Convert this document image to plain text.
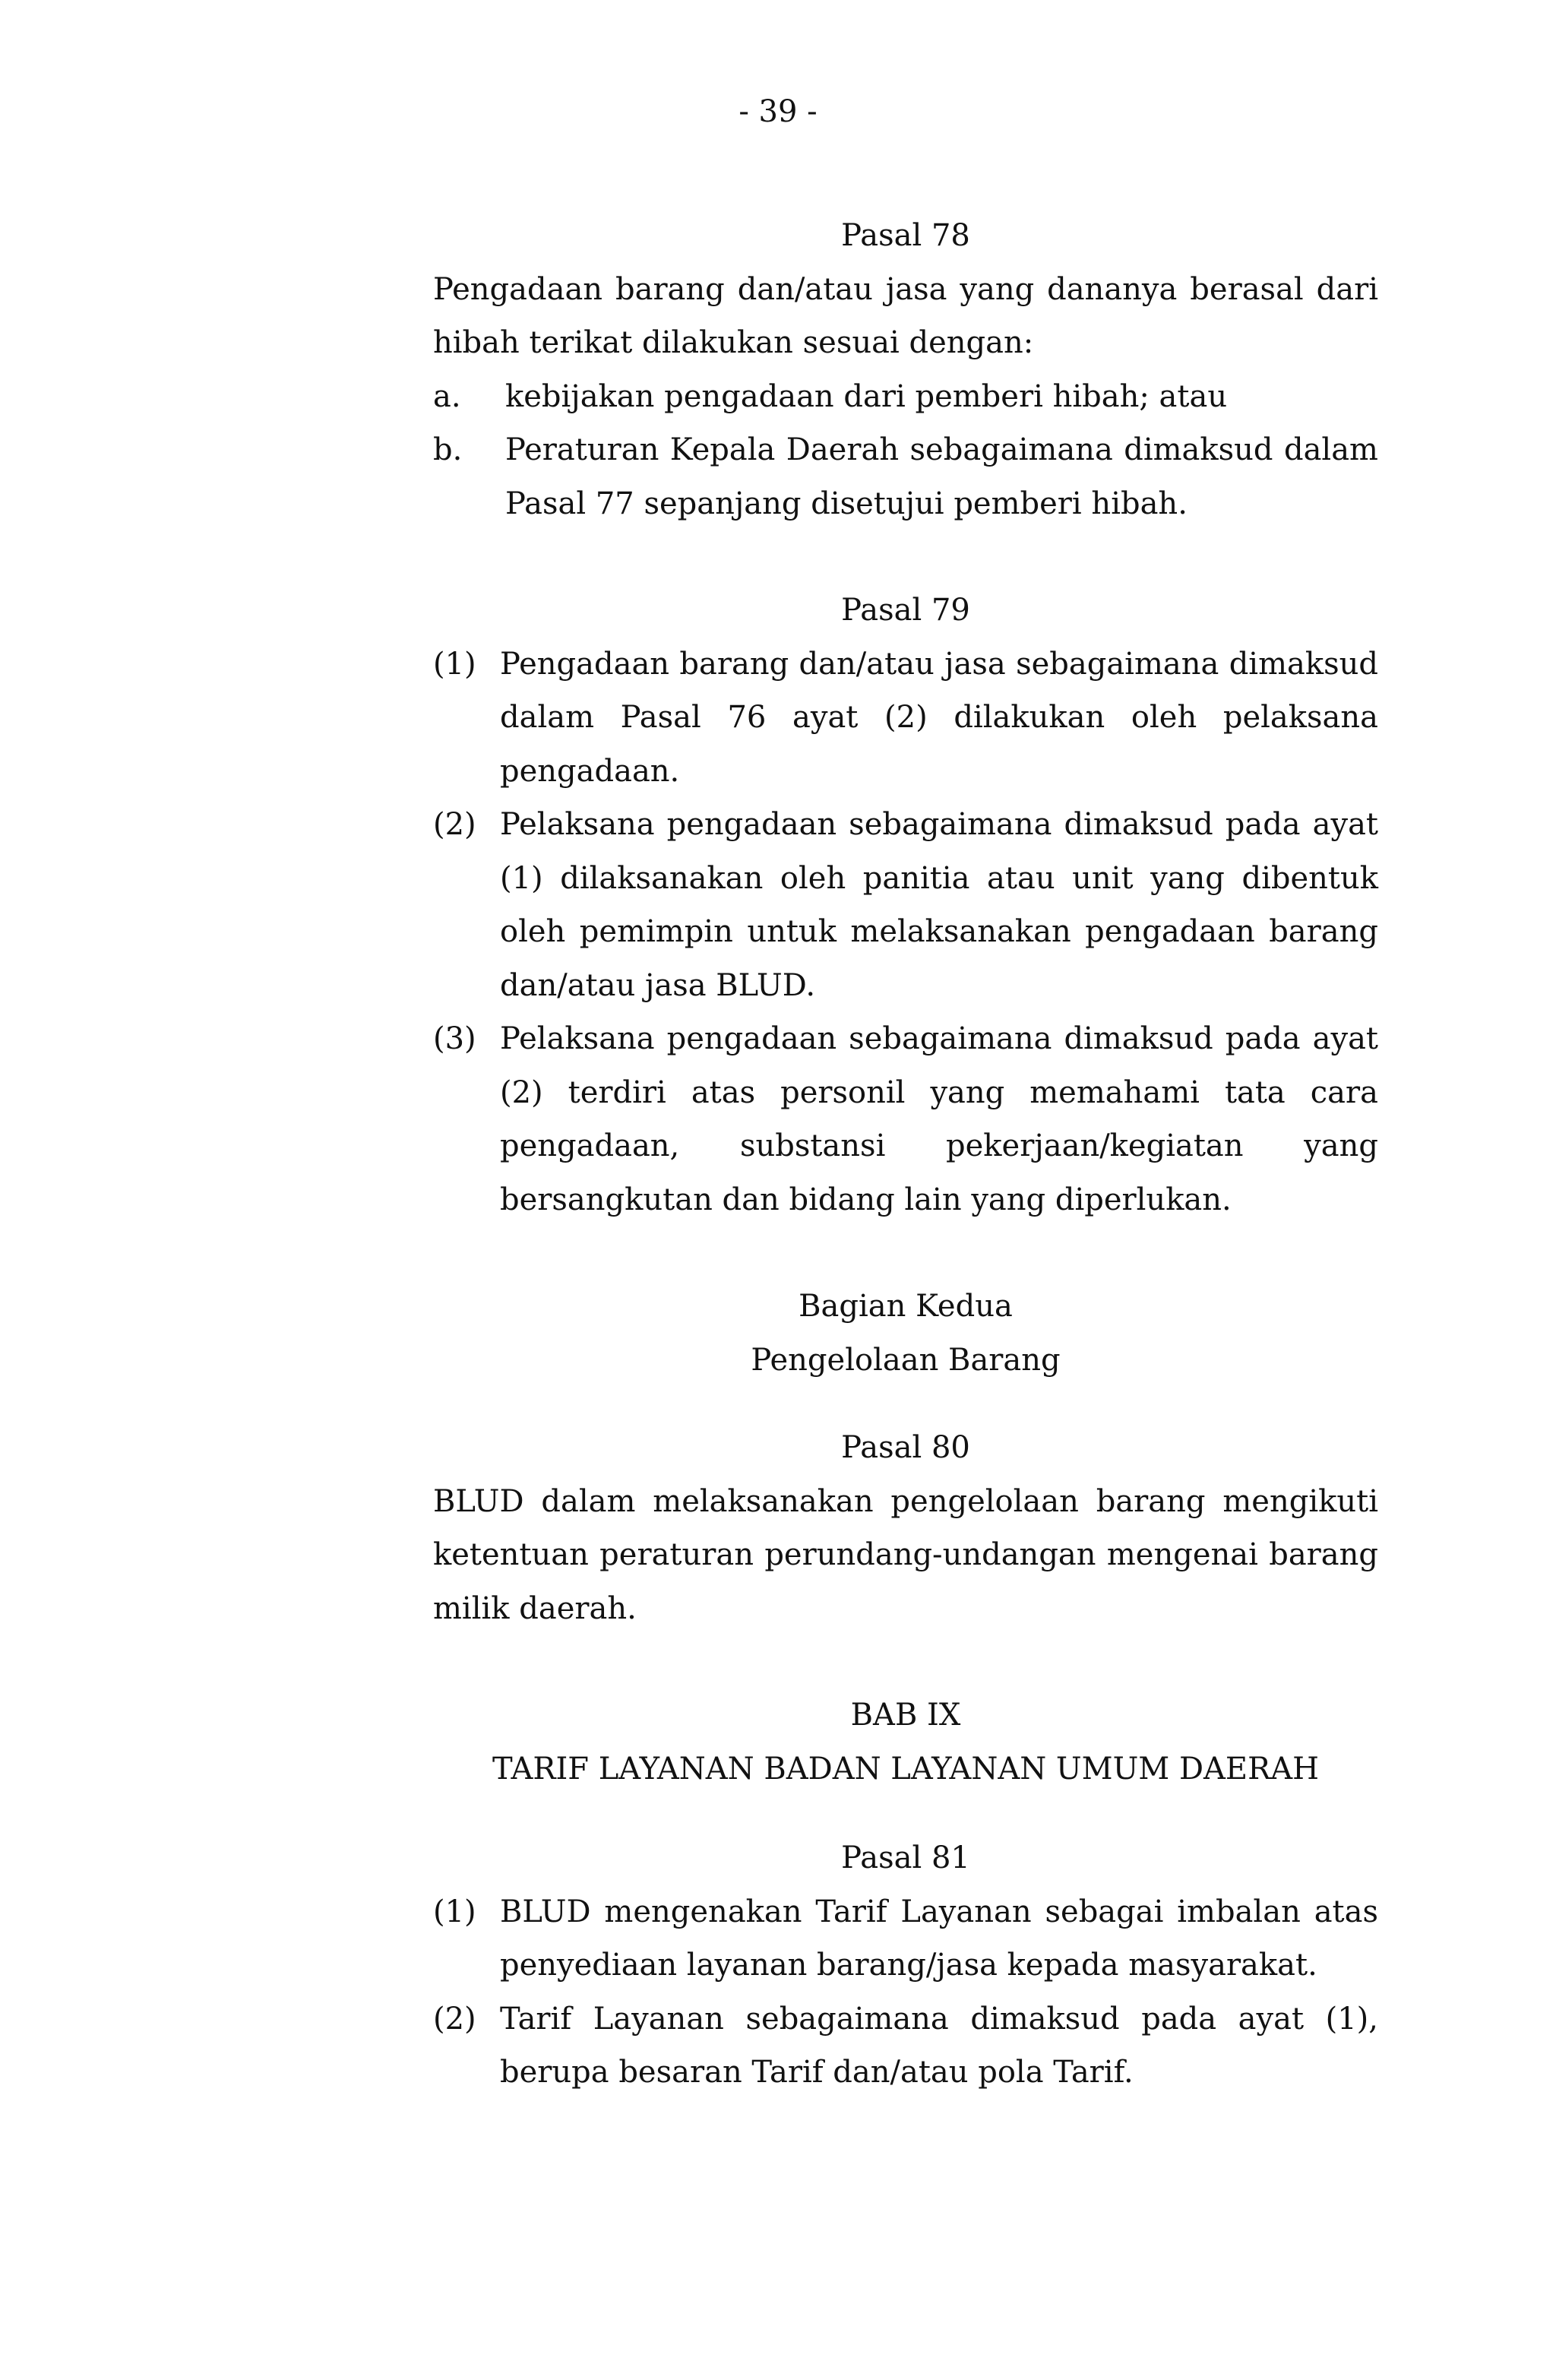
- 39 -
Pasal 78

Pengadaan barang dan/atau jasa yang dananya berasal dari hibah terikat dilakukan sesuai dengan:

a.	kebijakan pengadaan dari pemberi hibah; atau
b.	Peraturan Kepala Daerah sebagaimana dimaksud dalam Pasal 77 sepanjang disetujui pemberi hibah.
Pasal 79
(1) Pengadaan barang dan/atau jasa sebagaimana dimaksud dalam Pasal 76 ayat (2) dilakukan oleh pelaksana pengadaan.
(2) Pelaksana pengadaan sebagaimana dimaksud pada ayat (1) dilaksanakan oleh panitia atau unit yang dibentuk oleh pemimpin untuk melaksanakan pengadaan barang dan/atau jasa BLUD.
(3) Pelaksana pengadaan sebagaimana dimaksud pada ayat (2) terdiri atas personil yang memahami tata cara pengadaan, substansi pekerjaan/kegiatan yang bersangkutan dan bidang lain yang diperlukan.
Bagian Kedua
Pengelolaan Barang
Pasal 80

BLUD dalam melaksanakan pengelolaan barang mengikuti ketentuan peraturan perundang-undangan mengenai barang milik daerah.

BAB IX
TARIF LAYANAN BADAN LAYANAN UMUM DAERAH
Pasal 81
(1) BLUD mengenakan Tarif Layanan sebagai imbalan atas penyediaan layanan barang/jasa kepada masyarakat.
(2) Tarif Layanan sebagaimana dimaksud pada ayat (1), berupa besaran Tarif dan/atau pola Tarif.
